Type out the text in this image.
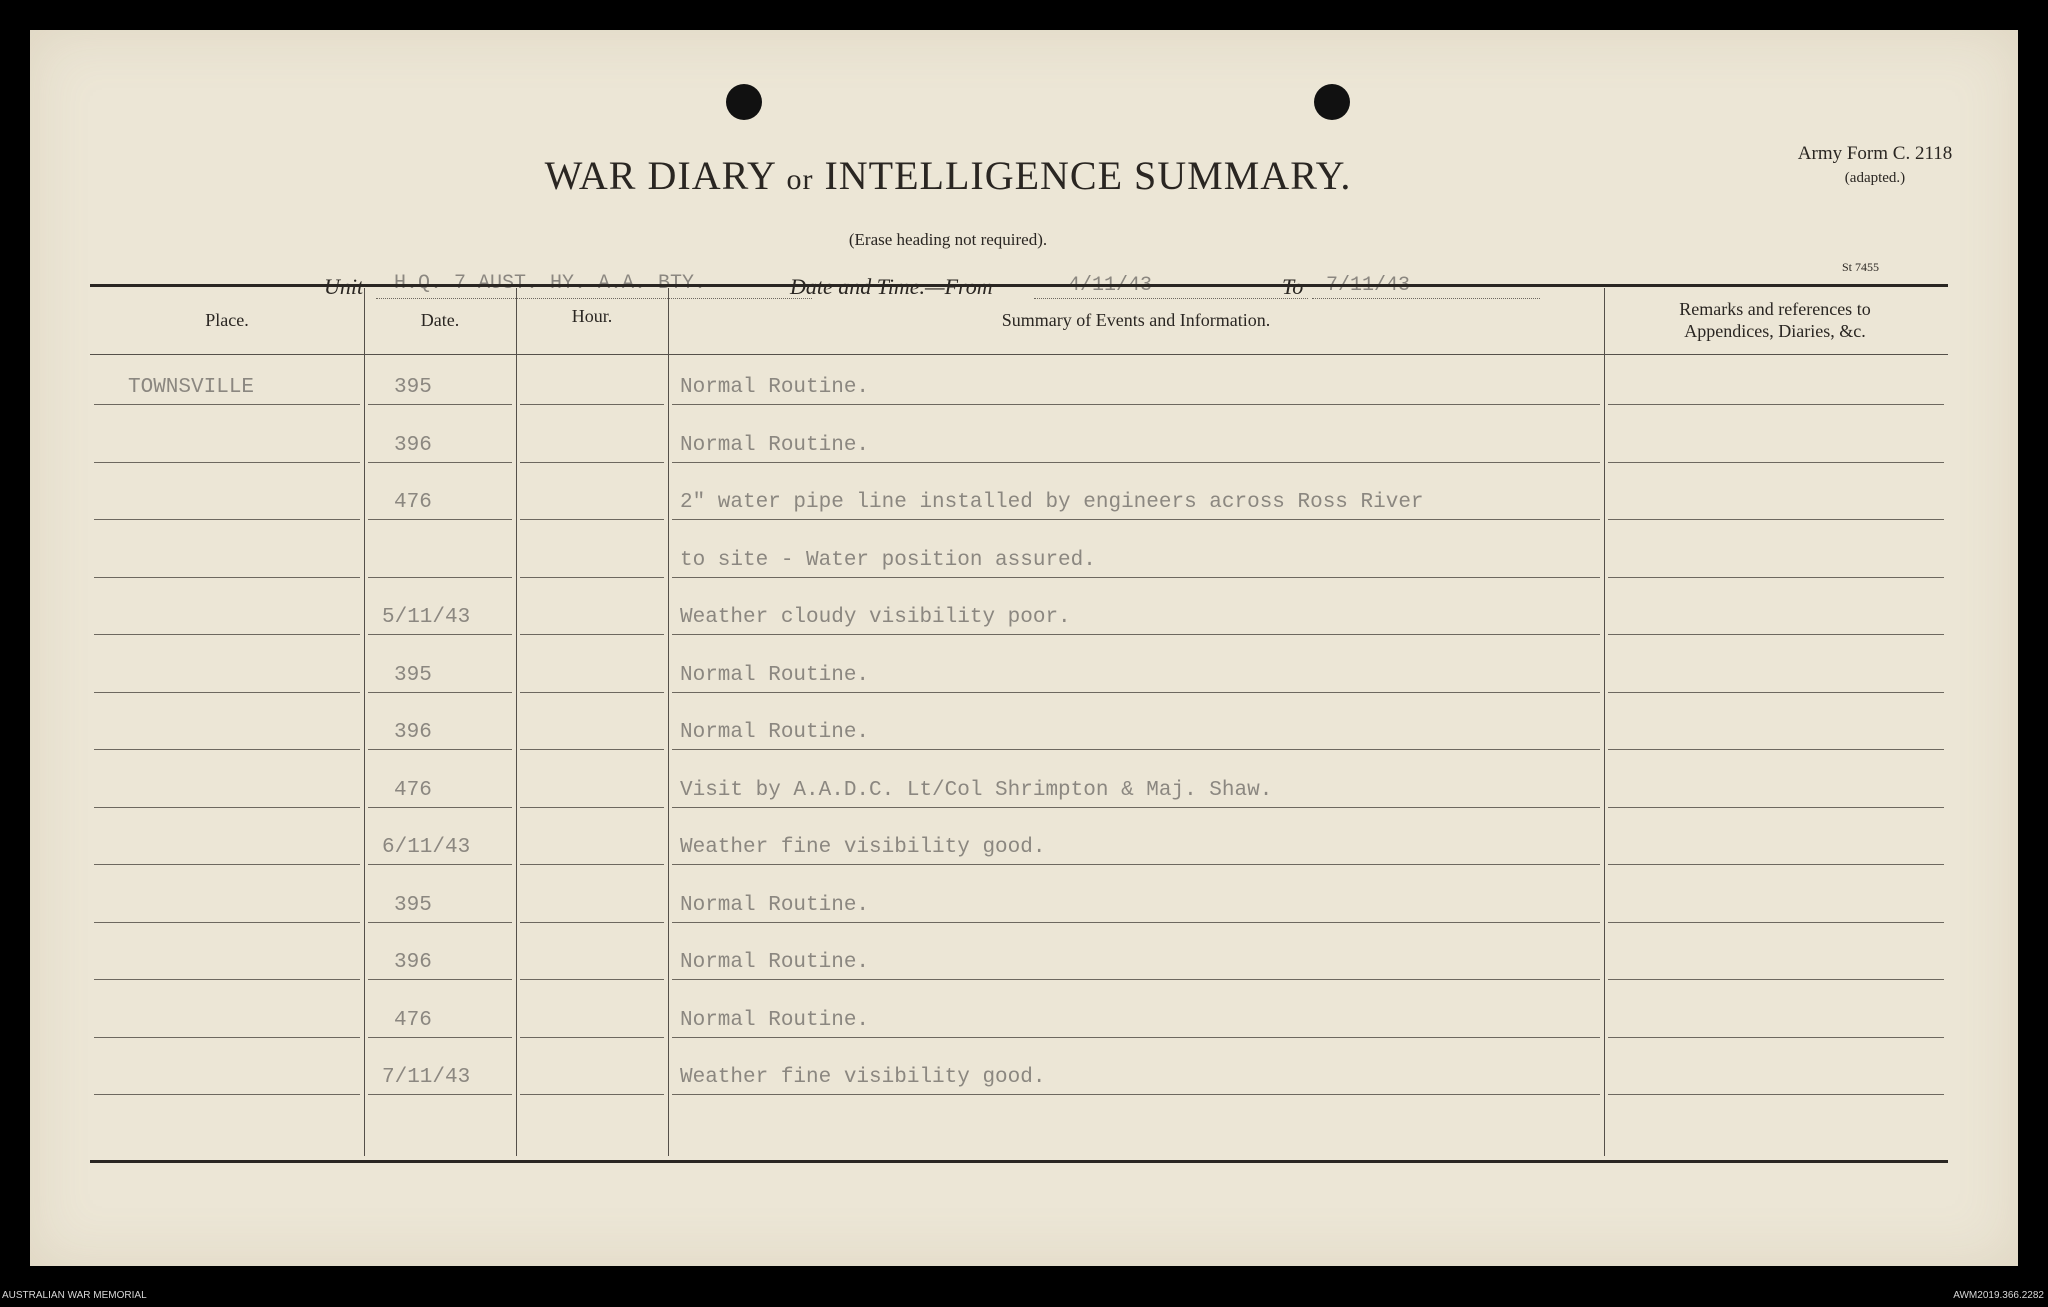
WAR DIARY or INTELLIGENCE SUMMARY.
(Erase heading not required).
Army Form C. 2118
(adapted.)
St 7455
Unit H.Q. 7 AUST. HY. A.A. BTY.	Date and Time.—From	4/11/43	To 7/11/43
Place.	Date.	Hour.	Summary of Events and Information.
Remarks and references to Appendices, Diaries, &c.
TOWNSVILLE	395	Normal Routine.
396	Normal Routine.
476	2" water pipe line installed by engineers across Ross River
to site - Water position assured.
5/11/43	Weather cloudy visibility poor.
395	Normal Routine.
396	Normal Routine.
476	Visit by A.A.D.C. Lt/Col Shrimpton & Maj. Shaw.
6/11/43	Weather fine visibility good.
395	Normal Routine.
396	Normal Routine.
476	Normal Routine.
7/11/43	Weather fine visibility good.
AUSTRALIAN WAR MEMORIAL	AWM2019.366.2282
